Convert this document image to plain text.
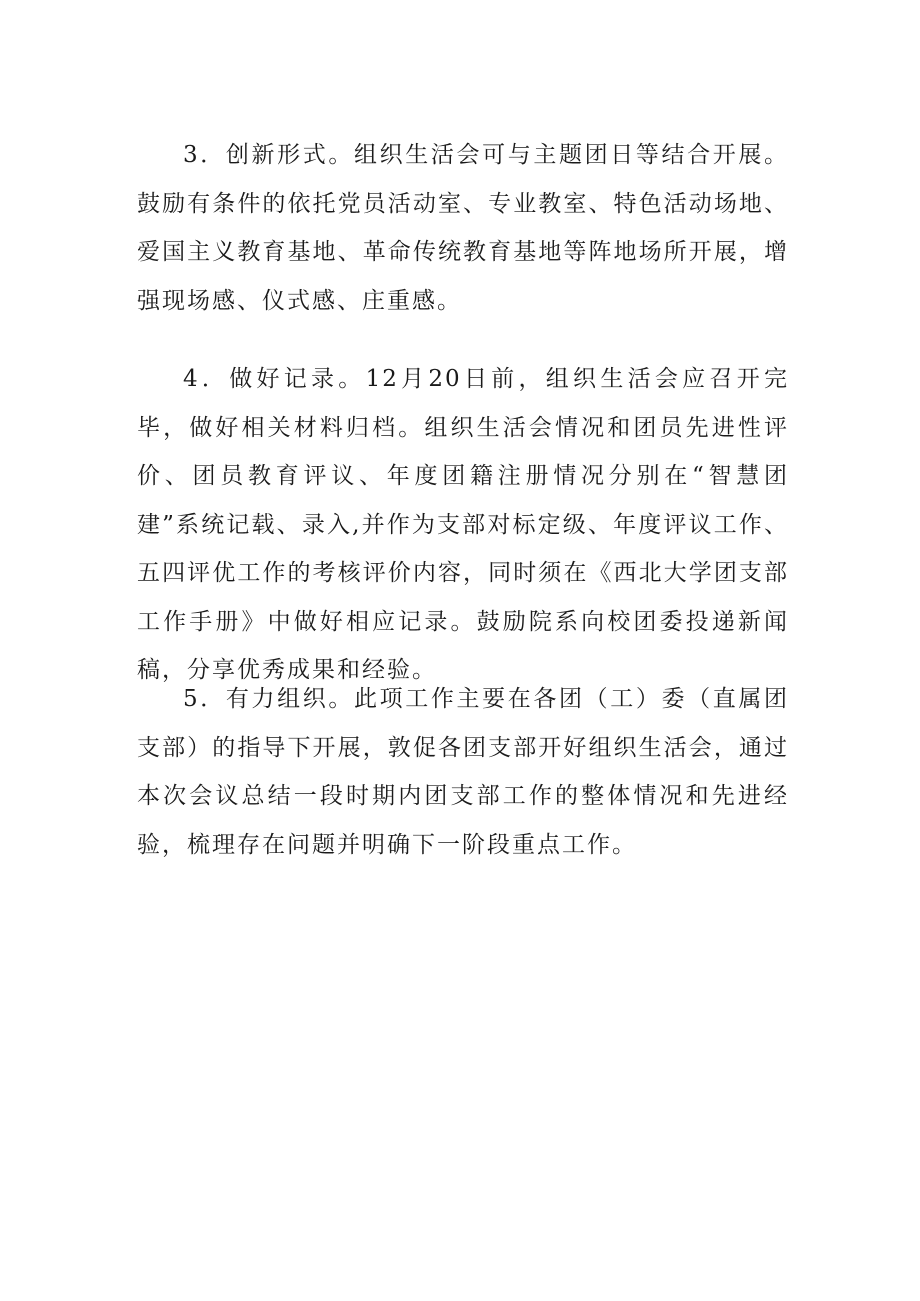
3．创新形式。组织生活会可与主题团日等结合开展。鼓励有条件的依托党员活动室、专业教室、特色活动场地、爱国主义教育基地、革命传统教育基地等阵地场所开展，增强现场感、仪式感、庄重感。

4．做好记录。12月20日前，组织生活会应召开完毕，做好相关材料归档。组织生活会情况和团员先进性评价、团员教育评议、年度团籍注册情况分别在“智慧团建”系统记载、录入,并作为支部对标定级、年度评议工作、五四评优工作的考核评价内容，同时须在《西北大学团支部工作手册》中做好相应记录。鼓励院系向校团委投递新闻稿，分享优秀成果和经验。

5．有力组织。此项工作主要在各团（工）委（直属团支部）的指导下开展，敦促各团支部开好组织生活会，通过本次会议总结一段时期内团支部工作的整体情况和先进经验，梳理存在问题并明确下一阶段重点工作。
